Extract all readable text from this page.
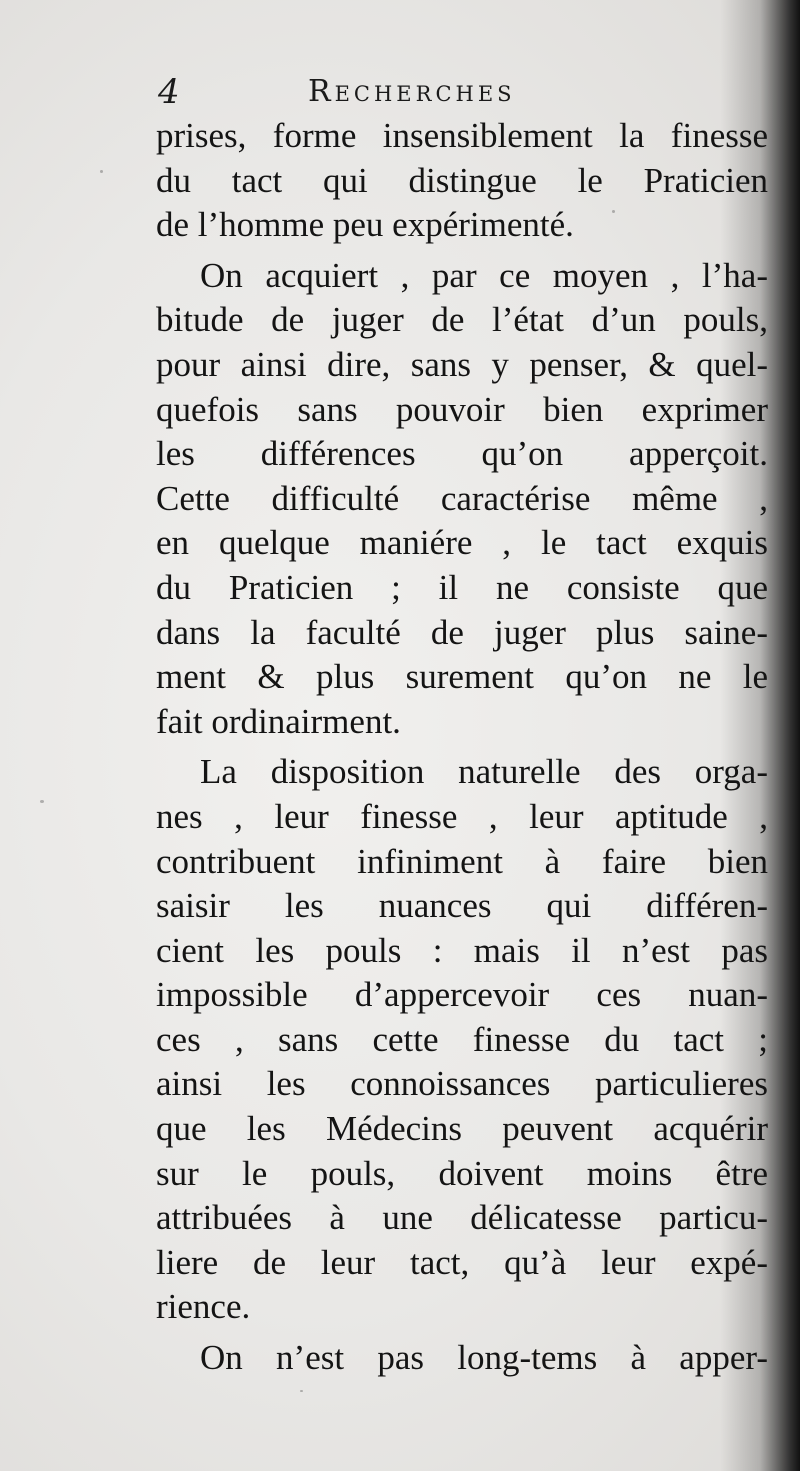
4	Recherches
prises, forme insensiblement la finesse
du tact qui distingue le Praticien
de l’homme peu expérimenté.
On acquiert , par ce moyen , l’ha-
bitude de juger de l’état d’un pouls,
pour ainsi dire, sans y penser, & quel-
quefois sans pouvoir bien exprimer
les différences qu’on apperçoit.
Cette difficulté caractérise même ,
en quelque maniére , le tact exquis
du Praticien ; il ne consiste que
dans la faculté de juger plus saine-
ment & plus surement qu’on ne le
fait ordinairment.
La disposition naturelle des orga-
nes , leur finesse , leur aptitude ,
contribuent infiniment à faire bien
saisir les nuances qui différen-
cient les pouls : mais il n’est pas
impossible d’appercevoir ces nuan-
ces , sans cette finesse du tact ;
ainsi les connoissances particulieres
que les Médecins peuvent acquérir
sur le pouls, doivent moins être
attribuées à une délicatesse particu-
liere de leur tact, qu’à leur expé-
rience.
On n’est pas long-tems à apper-
